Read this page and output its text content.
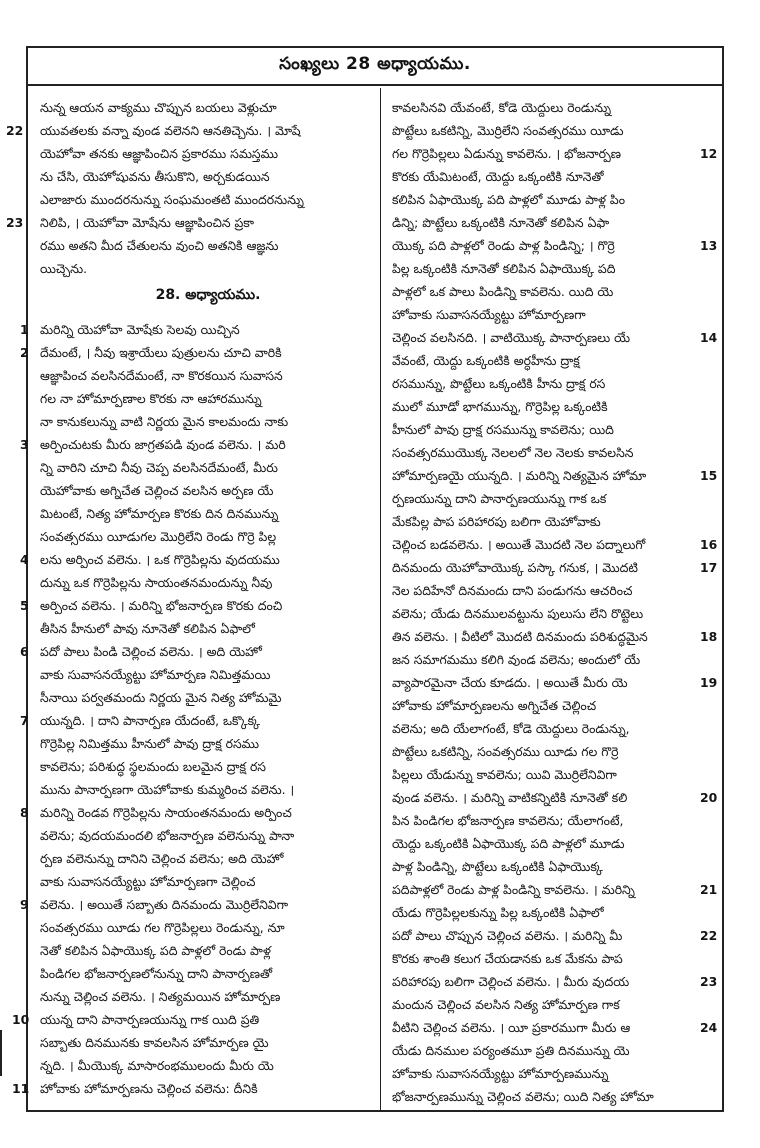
సంఖ్యలు 28 అధ్యాయము.
నున్న ఆయన వాక్యము చొప్పున బయలు వెళ్లుచూ
యువతలకు వన్నా వుండ వలెనని ఆనతిచ్చెను. । మోషే
యెహోవా తనకు ఆజ్ఞాపించిన ప్రకారము సమస్తము
ను చేసి, యెహోషువను తీసుకొని, అర్చకుడయిన
ఎలాజారు ముందరనున్ను సంఘమంతటి ముందరనున్ను
నిలిపి, । యెహోవా మోషేను ఆజ్ఞాపించిన ప్రకా
రము అతని మీద చేతులను వుంచి అతనికి ఆజ్ఞను
యిచ్చెను.
28. అధ్యాయము.
మరిన్ని యెహోవా మోషేకు సెలవు యిచ్చిన
దేమంటే, । నీవు ఇశ్రాయేలు పుత్రులను చూచి వారికి
ఆజ్ఞాపించ వలసినదేమంటే, నా కొరకయిన సువాసన
గల నా హోమార్పణాల కొరకు నా ఆహారమున్ను
నా కానుకలున్ను వాటి నిర్ణయ మైన కాలమందు నాకు
అర్పించుటకు మీరు జాగ్రతపడి వుండ వలెను. । మరి
న్ని వారిని చూచి నీవు చెప్ప వలసినదేమంటే, మీరు
యెహోవాకు అగ్నిచేత చెల్లించ వలసిన అర్పణ యే
మిటంటే, నిత్య హోమార్పణ కొరకు దిన దినమున్ను
సంవత్సరము యీడుగల మొర్రిలేని రెండు గొర్రె పిల్ల
లను అర్పించ వలెను. । ఒక గొర్రెపిల్లను వుదయము
దున్ను ఒక గొర్రెపిల్లను సాయంతనమందున్ను నీవు
అర్పించ వలెను. । మరిన్ని భోజనార్పణ కొరకు దంచి
తీసిన హీనులో పావు నూనెతో కలిపిన ఏఫాలో
పదో పాలు పిండి చెల్లించ వలెను. । అది యెహో
వాకు సువాసనయ్యేట్టు హోమార్పణ నిమిత్తమయి
సీనాయి పర్వతమందు నిర్ణయ మైన నిత్య హోమమై
యున్నది. । దాని పానార్పణ యేదంటే, ఒక్కొక్క
గొర్రెపిల్ల నిమిత్తము హీనులో పావు ద్రాక్ష రసము
కావలెను; పరిశుద్ధ స్థలమందు బలమైన ద్రాక్ష రస
మును పానార్పణగా యెహోవాకు కుమ్మరించ వలెను. ।
మరిన్ని రెండవ గొర్రెపిల్లను సాయంతనమందు అర్పించ
వలెను; వుదయమందలి భోజనార్పణ వలెనున్ను పానా
ర్పణ వలెనున్ను దానిని చెల్లించ వలెను; అది యెహో
వాకు సువాసనయ్యేట్టు హోమార్పణగా చెల్లించ
వలెను. । అయితే సబ్బాతు దినమందు మొర్రిలేనివిగా
సంవత్సరము యీడు గల గొర్రెపిల్లలు రెండున్ను, నూ
నెతో కలిపిన ఏఫాయొక్క పది పాళ్లలో రెండు పాళ్ల
పిండిగల భోజనార్పణలోనున్ను దాని పానార్పణతో
నున్ను చెల్లించ వలెను. । నిత్యమయిన హోమార్పణ
యున్న దాని పానార్పణయున్ను గాక యిది ప్రతి
సబ్బాతు దినమునకు కావలసిన హోమార్పణ యై
న్నది. । మీయొక్క మాసారంభములందు మీరు యె
హోవాకు హోమార్పణను చెల్లించ వలెను: దీనికి
22
23
1
2
3
4
5
6
7
8
9
10
11
కావలసినవి యేవంటే, కోడె యెద్దులు రెండున్ను
పొట్టేలు ఒకటిన్ని, మొర్రిలేని సంవత్సరము యీడు
గల గొర్రెపిల్లలు ఏడున్ను కావలెను. । భోజనార్పణ
కొరకు యేమిటంటే, యెద్దు ఒక్కంటికి నూనెతో
కలిపిన ఏఫాయొక్క పది పాళ్లలో మూడు పాళ్ల పిం
డిన్ని; పొట్టేలు ఒక్కంటికి నూనెతో కలిపిన ఏఫా
యొక్క పది పాళ్లలో రెండు పాళ్ల పిండిన్ని; । గొర్రె
పిల్ల ఒక్కంటికి నూనెతో కలిపిన ఏఫాయొక్క పది
పాళ్లలో ఒక పాలు పిండిన్ని కావలెను. యిది యె
హోవాకు సువాసనయ్యేట్టు హోమార్పణగా
చెల్లించ వలసినది. । వాటియొక్క పానార్పణలు యే
వేవంటే, యెద్దు ఒక్కంటికి అర్ధహీను ద్రాక్ష
రసమున్ను, పొట్టేలు ఒక్కంటికి హీను ద్రాక్ష రస
ములో మూడో భాగమున్ను, గొర్రెపిల్ల ఒక్కంటికి
హీనులో పావు ద్రాక్ష రసమున్ను కావలెను; యిది
సంవత్సరముయొక్క నెలలలో నెల నెలకు కావలసిన
హోమార్పణయై యున్నది. । మరిన్ని నిత్యమైన హోమా
ర్పణయున్ను దాని పానార్పణయున్ను గాక ఒక
మేకపిల్ల పాప పరిహారపు బలిగా యెహోవాకు
చెల్లించ బడవలెను. । అయితే మొదటి నెల పద్నాలుగో
దినమందు యెహోవాయొక్క పస్కా గనుక, । మొదటి
నెల పదిహేనో దినమందు దాని పండుగను ఆచరించ
వలెను; యేడు దినములవట్టును పులుసు లేని రొట్టెలు
తిన వలెను. । వీటిలో మొదటి దినమందు పరిశుద్ధమైన
జన సమాగమము కలిగి వుండ వలెను; అందులో యే
వ్యాపారమైనా చేయ కూడదు. । అయితే మీరు యె
హోవాకు హోమార్పణలను అగ్నిచేత చెల్లించ
వలెను; అది యేలాగంటే, కోడె యెద్దులు రెండున్ను,
పొట్టేలు ఒకటిన్ని, సంవత్సరము యీడు గల గొర్రె
పిల్లలు యేడున్ను కావలెను; యివి మొర్రిలేనివిగా
వుండ వలెను. । మరిన్ని వాటికన్నిటికి నూనెతో కలి
పిన పిండిగల భోజనార్పణ కావలెను; యేలాగంటే,
యెద్దు ఒక్కంటికి ఏఫాయొక్క పది పాళ్లలో మూడు
పాళ్ల పిండిన్ని, పొట్టేలు ఒక్కంటికి ఏఫాయొక్క
పదిపాళ్లలో రెండు పాళ్ల పిండిన్ని కావలెను. । మరిన్ని
యేడు గొర్రెపిల్లలకున్ను పిల్ల ఒక్కంటికి ఏఫాలో
పదో పాలు చొప్పున చెల్లించ వలెను. । మరిన్ని మీ
కొరకు శాంతి కలుగ చేయడానకు ఒక మేకను పాప
పరిహారపు బలిగా చెల్లించ వలెను. । మీరు వుదయ
మందున చెల్లించ వలసిన నిత్య హోమార్పణ గాక
వీటిని చెల్లించ వలెను. । యీ ప్రకారముగా మీరు ఆ
యేడు దినముల పర్యంతమూ ప్రతి దినమున్ను యె
హోవాకు సువాసనయ్యేట్టు హోమార్పణమున్ను
భోజనార్పణమున్ను చెల్లించ వలెను; యిది నిత్య హోమా
12
13
14
15
16
17
18
19
20
21
22
23
24
